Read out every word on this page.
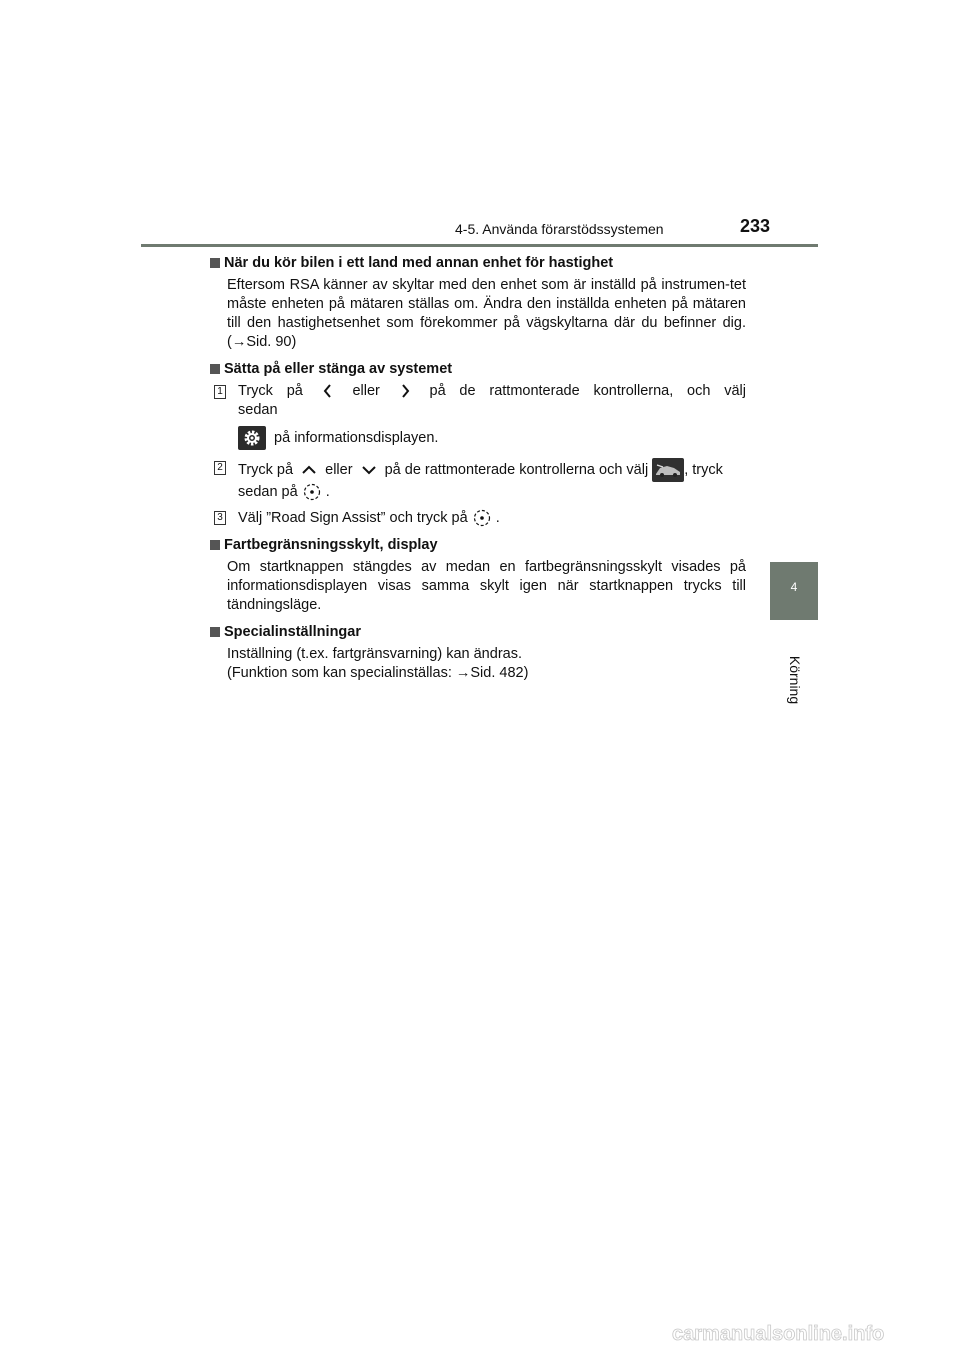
4-5. Använda förarstödssystemen	233
4
Körning
När du kör bilen i ett land med annan enhet för hastighet
Eftersom RSA känner av skyltar med den enhet som är inställd på instrumen-tet måste enheten på mätaren ställas om. Ändra den inställda enheten på mätaren till den hastighetsenhet som förekommer på vägskyltarna där du befinner dig. (→Sid. 90)
Sätta på eller stänga av systemet
1 Tryck på	eller	på de rattmonterade kontrollerna, och välj sedan
på informationsdisplayen.
2 Tryck på eller på de rattmonterade kontrollerna och välj , tryck
sedan på .
3 Välj ”Road Sign Assist” och tryck på .
Fartbegränsningsskylt, display
Om startknappen stängdes av medan en fartbegränsningsskylt visades på informationsdisplayen visas samma skylt igen när startknappen trycks till tändningsläge.
Specialinställningar
Inställning (t.ex. fartgränsvarning) kan ändras.
(Funktion som kan specialinställas: →Sid. 482)
carmanualsonline.info
